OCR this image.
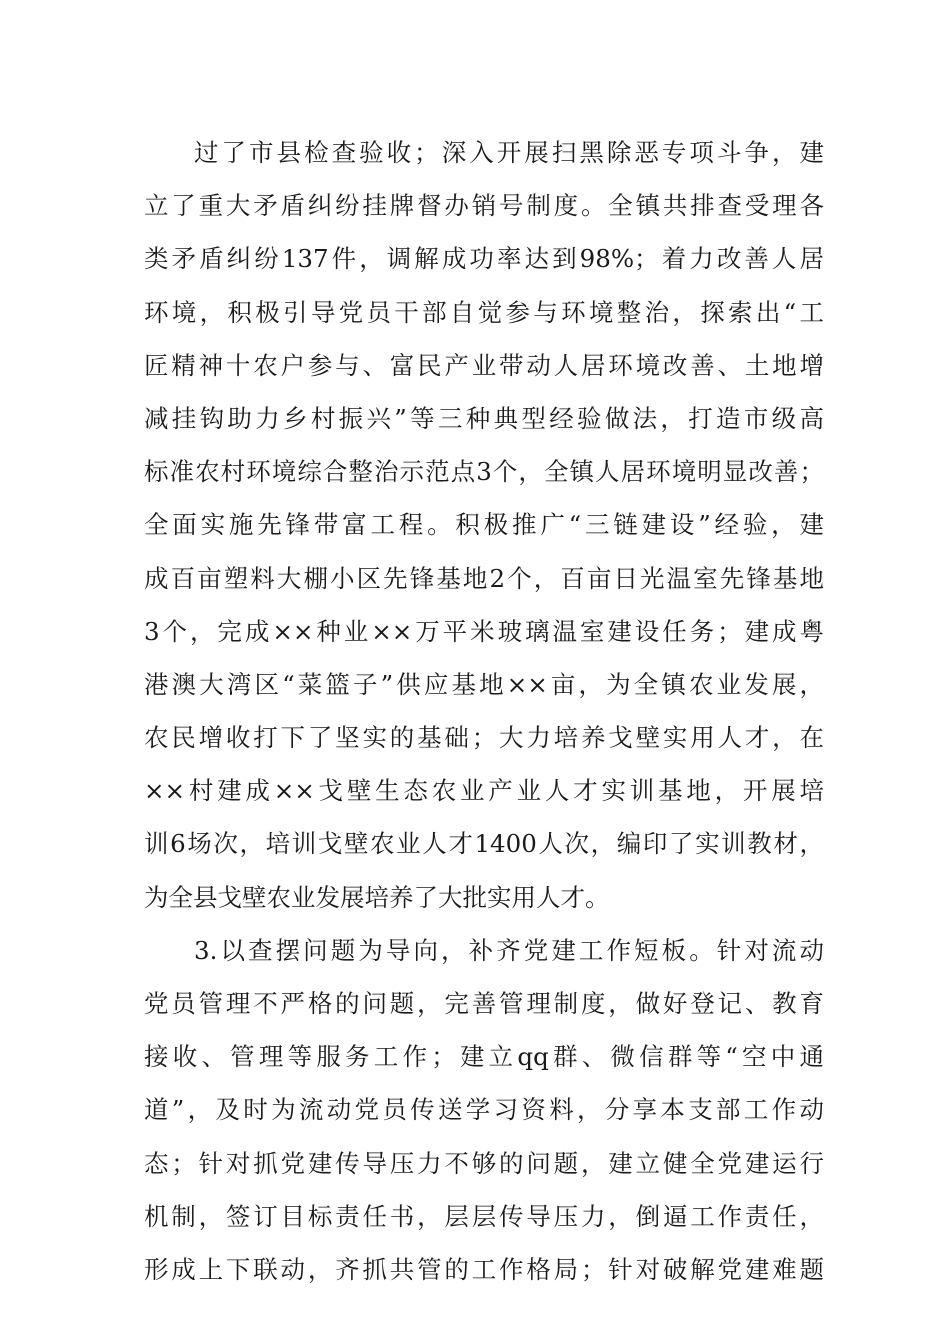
过了市县检查验收；深入开展扫黑除恶专项斗争，建
立了重大矛盾纠纷挂牌督办销号制度。全镇共排查受理各
类矛盾纠纷137件，调解成功率达到98%；着力改善人居
环境，积极引导党员干部自觉参与环境整治，探索出“工
匠精神十农户参与、富民产业带动人居环境改善、土地增
减挂钩助力乡村振兴”等三种典型经验做法，打造市级高
标准农村环境综合整治示范点3个，全镇人居环境明显改善；
全面实施先锋带富工程。积极推广“三链建设”经验，建
成百亩塑料大棚小区先锋基地2个，百亩日光温室先锋基地
3个，完成××种业××万平米玻璃温室建设任务；建成粤
港澳大湾区“菜篮子”供应基地××亩，为全镇农业发展，
农民增收打下了坚实的基础；大力培养戈壁实用人才，在
××村建成××戈壁生态农业产业人才实训基地，开展培
训6场次，培训戈壁农业人才1400人次，编印了实训教材，
为全县戈壁农业发展培养了大批实用人才。
3.以查摆问题为导向，补齐党建工作短板。针对流动
党员管理不严格的问题，完善管理制度，做好登记、教育
接收、管理等服务工作；建立qq群、微信群等“空中通
道”，及时为流动党员传送学习资料，分享本支部工作动
态；针对抓党建传导压力不够的问题，建立健全党建运行
机制，签订目标责任书，层层传导压力，倒逼工作责任，
形成上下联动，齐抓共管的工作格局；针对破解党建难题
